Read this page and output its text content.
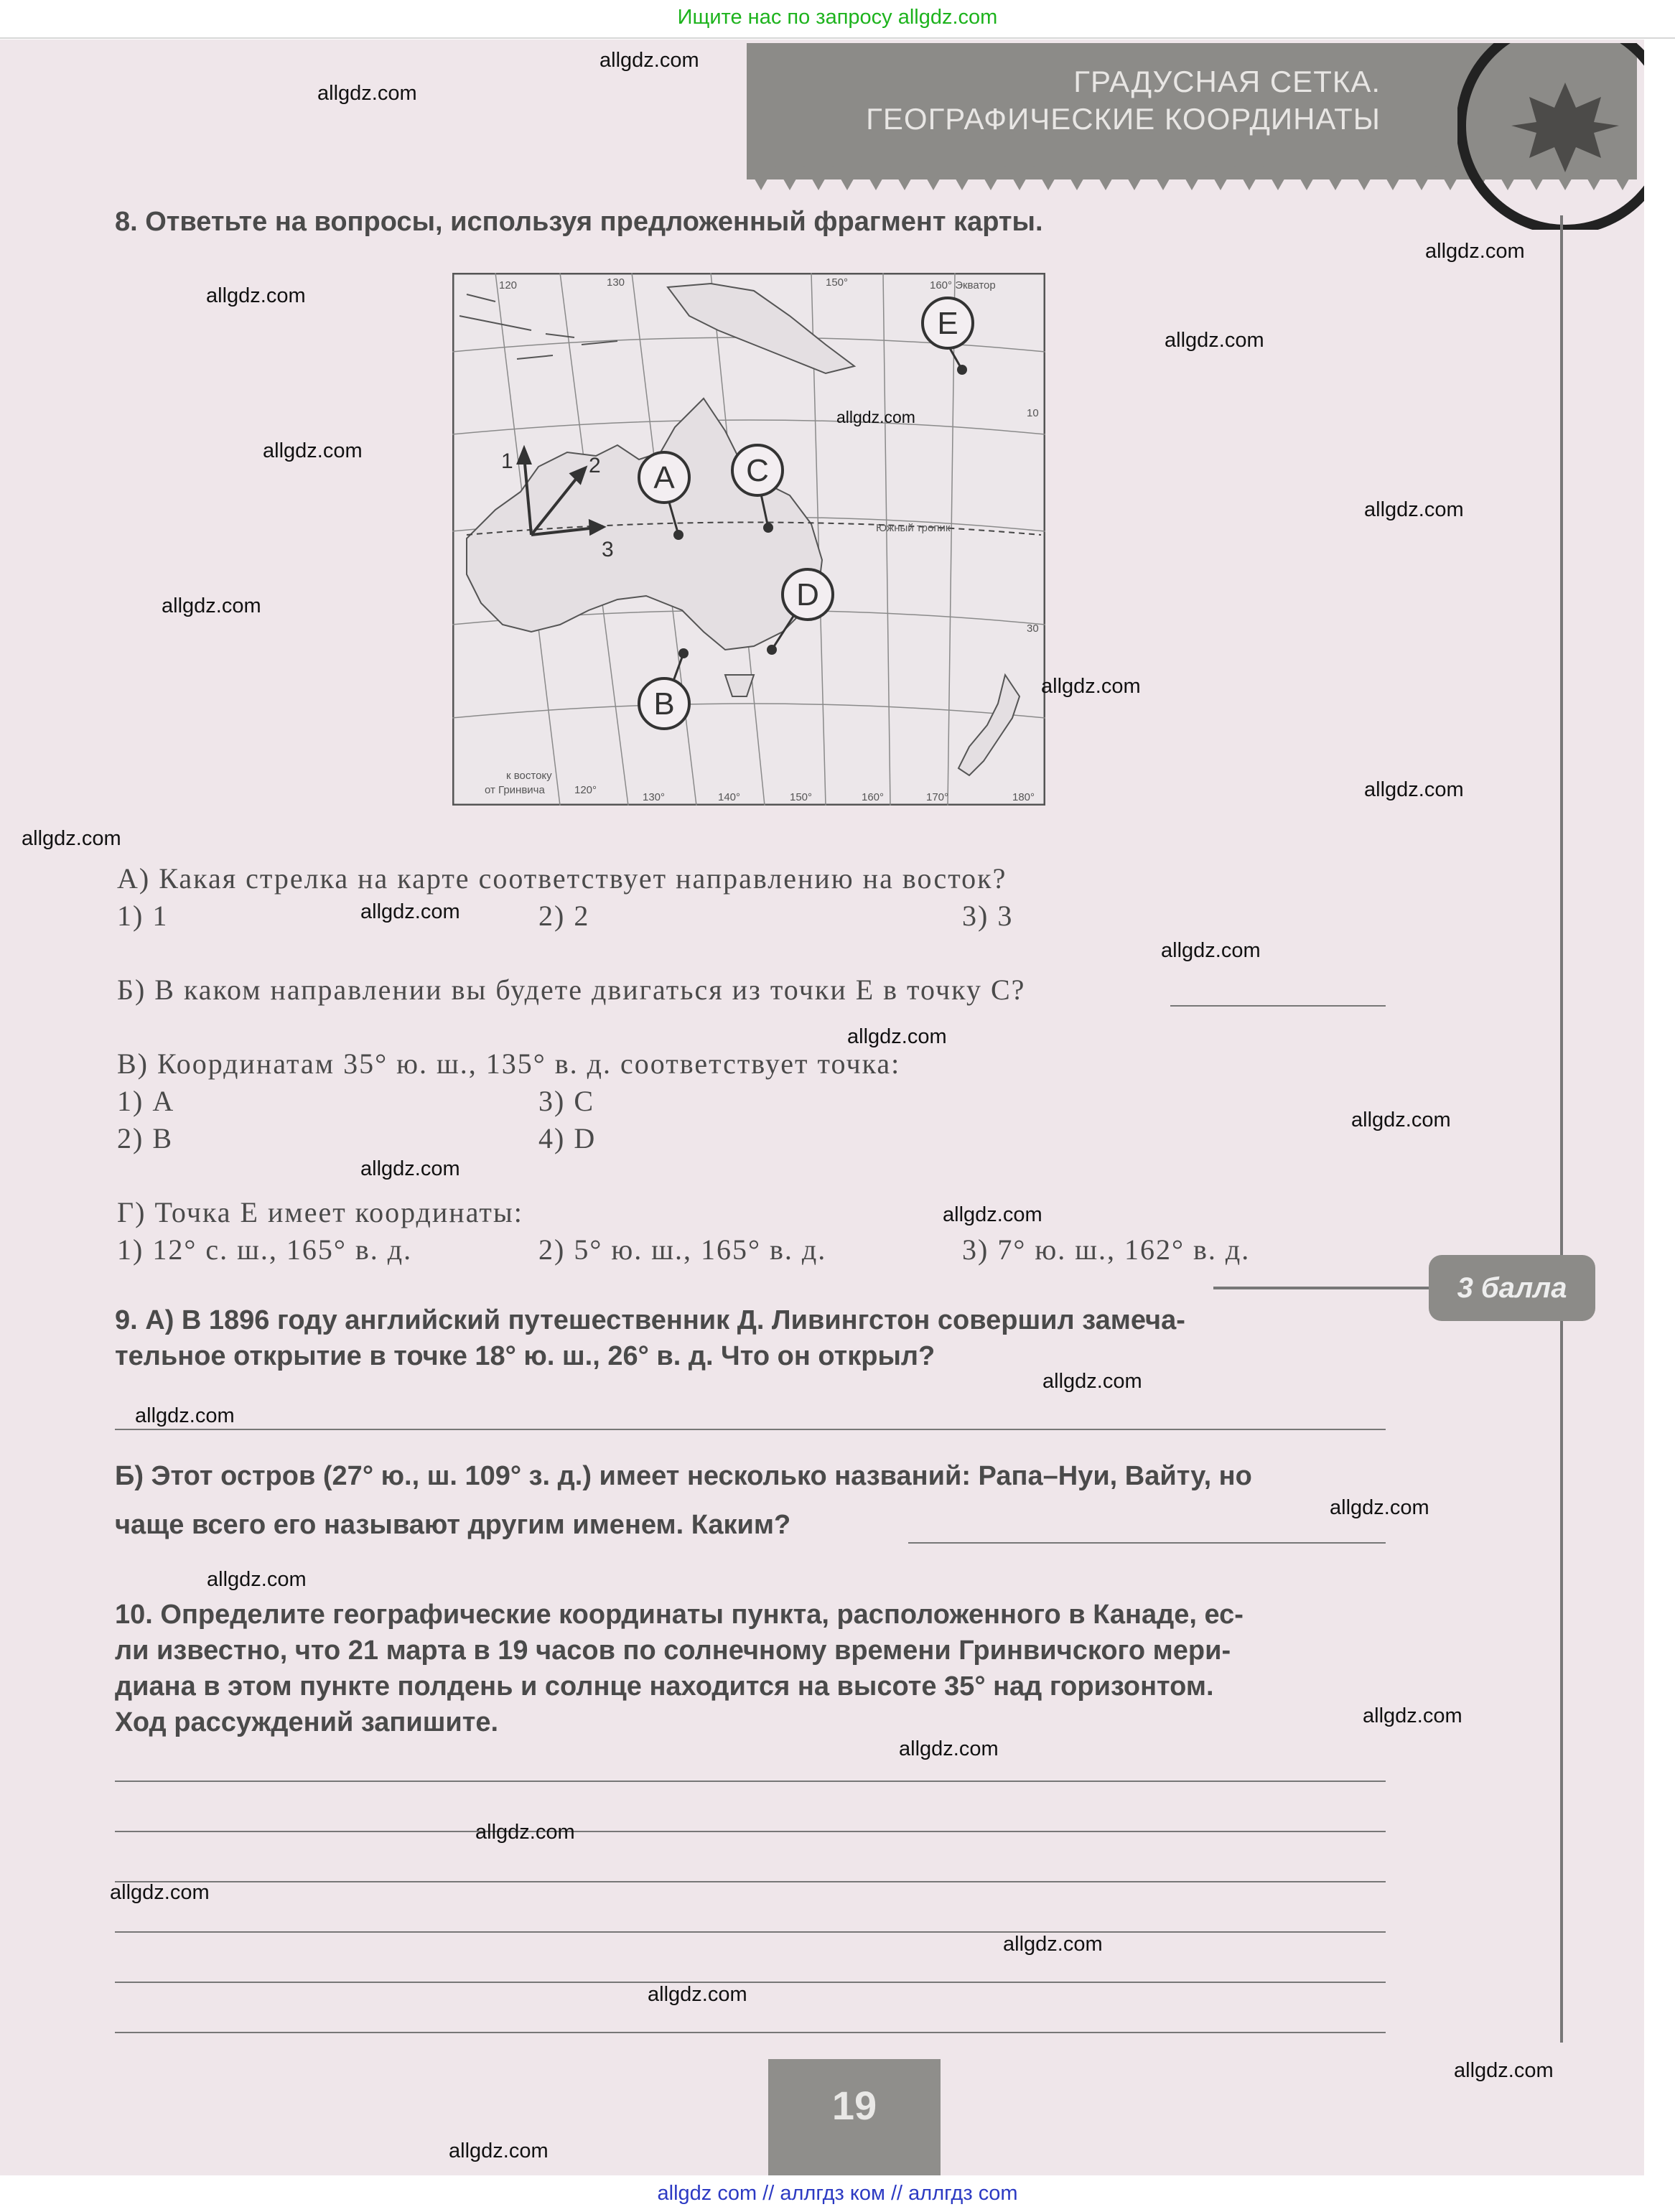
Ищите нас по запросу allgdz.com
ГРАДУСНАЯ СЕТКА.
ГЕОГРАФИЧЕСКИЕ КООРДИНАТЫ
8. Ответьте на вопросы, используя предложенный фрагмент карты.
1	2
3
A C
D
B
E
160° Экватор
Южный тропик
к востоку
от Гринвича	120°
130°	140°	150°	160°	170°	180°
120	130	150°
10
30
А) Какая стрелка на карте соответствует направлению на восток?
1) 1	2) 2	3) 3
Б) В каком направлении вы будете двигаться из точки Е в точку С?
В) Координатам 35° ю. ш., 135° в. д. соответствует точка:
1) А	3) С
2) В	4) D
Г) Точка Е имеет координаты:
1) 12° с. ш., 165° в. д.	2) 5° ю. ш., 165° в. д.	3) 7° ю. ш., 162° в. д.
3 балла
9. А) В 1896 году английский путешественник Д. Ливингстон совершил замеча-
тельное открытие в точке 18° ю. ш., 26° в. д. Что он открыл?
Б) Этот остров (27° ю., ш. 109° з. д.) имеет несколько названий: Рапа–Нуи, Вайту, но
чаще всего его называют другим именем. Каким?
10. Определите географические координаты пункта, расположенного в Канаде, ес-
ли известно, что 21 марта в 19 часов по солнечному времени Гринвичского мери-
диана в этом пункте полдень и солнце находится на высоте 35° над горизонтом.
Ход рассуждений запишите.
19
allgdz.com
allgdz.com
allgdz.com
allgdz.com
allgdz.com
allgdz.com
allgdz.com
allgdz.com
allgdz.com
allgdz.com
allgdz.com
allgdz.com
allgdz.com
allgdz.com
allgdz.com
allgdz.com
allgdz.com
allgdz.com
allgdz.com
allgdz.com
allgdz.com
allgdz.com
allgdz.com
allgdz.com
allgdz.com
allgdz.com
allgdz.com
allgdz.com
allgdz.com
allgdz.com
allgdz com // аллгдз ком // аллгдз com
